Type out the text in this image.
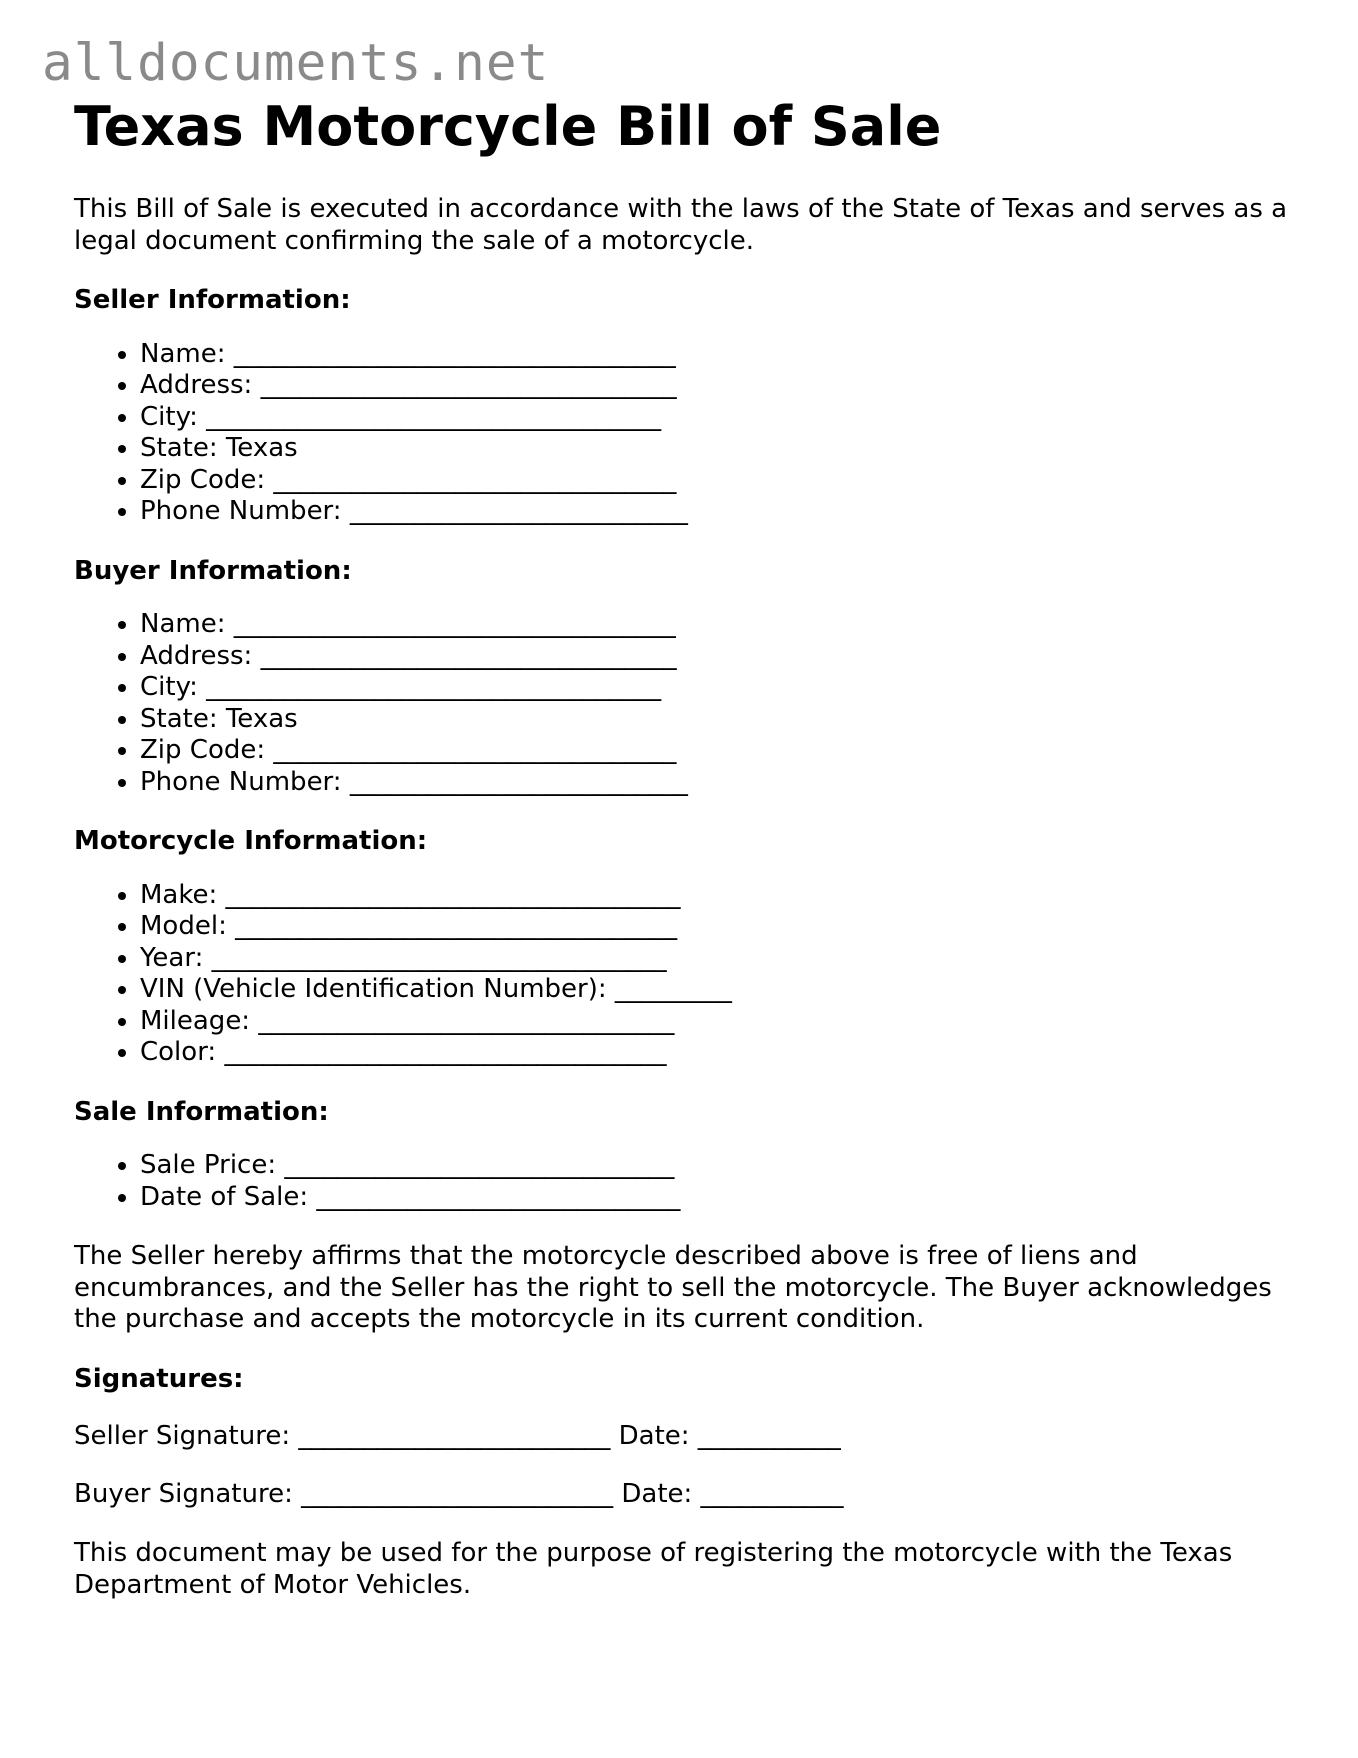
alldocuments.net
Texas Motorcycle Bill of Sale

This Bill of Sale is executed in accordance with the laws of the State of Texas and serves as a legal document confirming the sale of a motorcycle.

Seller Information:
• Name: __________________________________
• Address: ________________________________
• City: ___________________________________
• State: Texas
• Zip Code: _______________________________
• Phone Number: __________________________
Buyer Information:
• Name: __________________________________
• Address: ________________________________
• City: ___________________________________
• State: Texas
• Zip Code: _______________________________
• Phone Number: __________________________
Motorcycle Information:
• Make: ___________________________________
• Model: __________________________________
• Year: ___________________________________
• VIN (Vehicle Identification Number): _________
• Mileage: ________________________________
• Color: __________________________________
Sale Information:
• Sale Price: ______________________________
• Date of Sale: ____________________________

The Seller hereby affirms that the motorcycle described above is free of liens and encumbrances, and the Seller has the right to sell the motorcycle. The Buyer acknowledges the purchase and accepts the motorcycle in its current condition.

Signatures:

Seller Signature: ________________________ Date: ___________

Buyer Signature: ________________________ Date: ___________

This document may be used for the purpose of registering the motorcycle with the Texas Department of Motor Vehicles.
